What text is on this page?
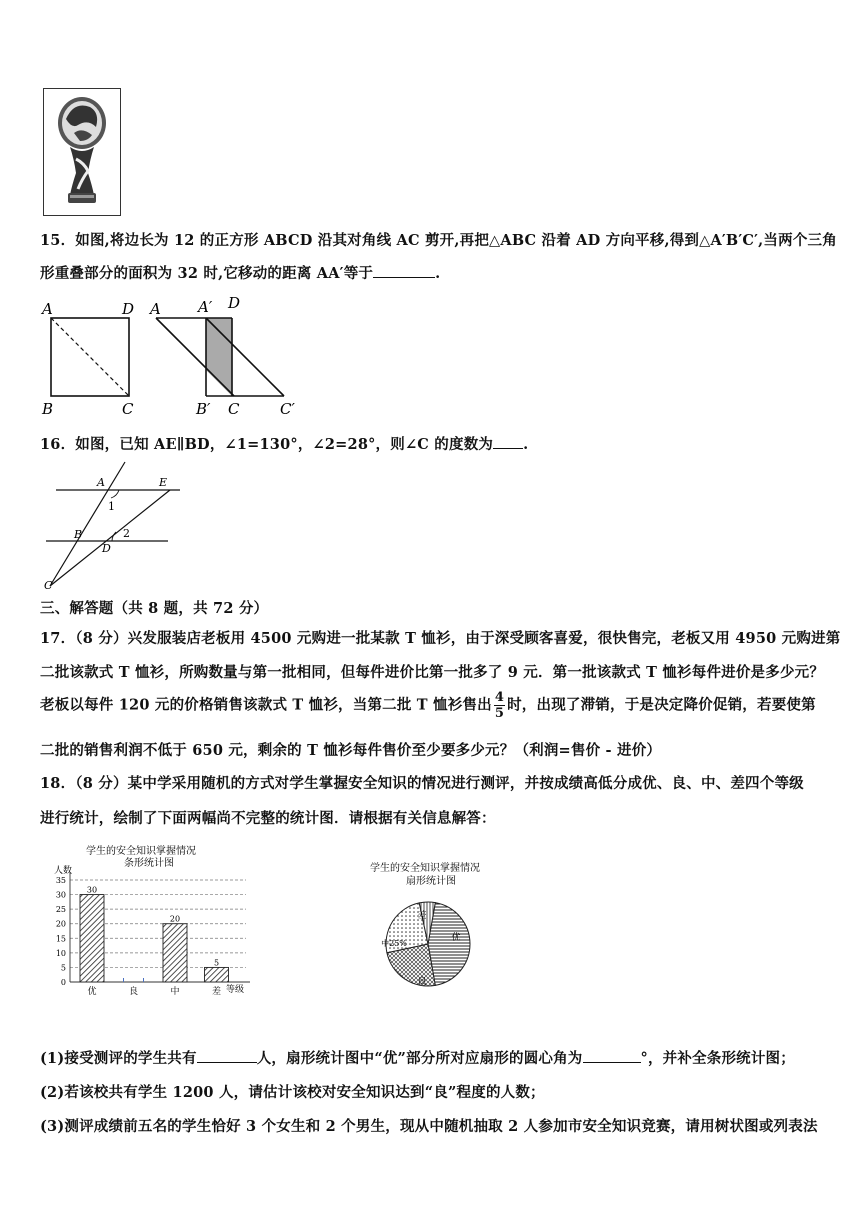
15．如图,将边长为 12 的正方形 ABCD 沿其对角线 AC 剪开,再把△ABC 沿着 AD 方向平移,得到△A′B′C′,当两个三角
形重叠部分的面积为 32 时,它移动的距离 AA′等于	.
A	D
B	C
A A′ D
B′ C	C′
16．如图，已知 AE∥BD，∠1=130°，∠2=28°，则∠C 的度数为 .
A	E
B
D
C
1
2
三、解答题（共 8 题，共 72 分）
17．（8 分）兴发服装店老板用 4500 元购进一批某款 T 恤衫，由于深受顾客喜爱，很快售完，老板又用 4950 元购进第
二批该款式 T 恤衫，所购数量与第一批相同，但每件进价比第一批多了 9 元．第一批该款式 T 恤衫每件进价是多少元？
老板以每件 120 元的价格销售该款式 T 恤衫，当第二批 T 恤衫售出 $\frac{4}{5}$ 时，出现了滞销，于是决定降价促销，若要使第
二批的销售利润不低于 650 元，剩余的 T 恤衫每件售价至少要多少元？（利润=售价 - 进价）
18．（8 分）某中学采用随机的方式对学生掌握安全知识的情况进行测评，并按成绩高低分成优、良、中、差四个等级
进行统计，绘制了下面两幅尚不完整的统计图．请根据有关信息解答：
学生的安全知识掌握情况
条形统计图
人数
等级
0
5
10
15
20
25
30
35
30
优	良
20
中
5
差
学生的安全知识掌握情况
扇形统计图
优
良
中25%
差
(1)接受测评的学生共有	人，扇形统计图中“优”部分所对应扇形的圆心角为	°，并补全条形统计图；
(2)若该校共有学生 1200 人，请估计该校对安全知识达到“良”程度的人数；
(3)测评成绩前五名的学生恰好 3 个女生和 2 个男生，现从中随机抽取 2 人参加市安全知识竞赛，请用树状图或列表法
